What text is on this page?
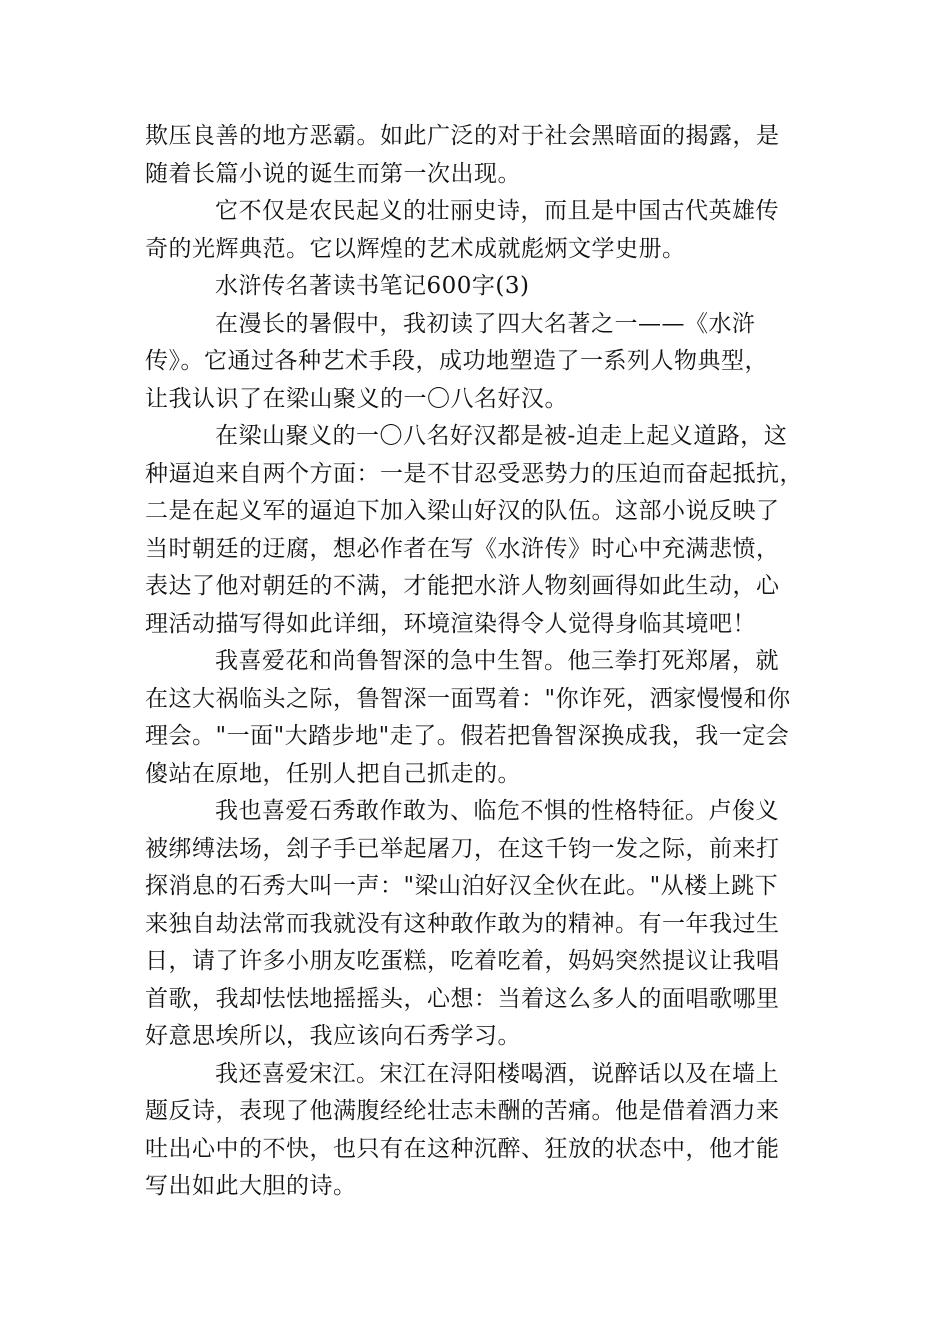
欺压良善的地方恶霸。如此广泛的对于社会黑暗面的揭露，是
随着长篇小说的诞生而第一次出现。
它不仅是农民起义的壮丽史诗，而且是中国古代英雄传
奇的光辉典范。它以辉煌的艺术成就彪炳文学史册。
水浒传名著读书笔记600字(3)
在漫长的暑假中，我初读了四大名著之一——《水浒
传》。它通过各种艺术手段，成功地塑造了一系列人物典型，
让我认识了在梁山聚义的一〇八名好汉。
在梁山聚义的一〇八名好汉都是被-迫走上起义道路，这
种逼迫来自两个方面：一是不甘忍受恶势力的压迫而奋起抵抗，
二是在起义军的逼迫下加入梁山好汉的队伍。这部小说反映了
当时朝廷的迂腐，想必作者在写《水浒传》时心中充满悲愤，
表达了他对朝廷的不满，才能把水浒人物刻画得如此生动，心
理活动描写得如此详细，环境渲染得令人觉得身临其境吧！
我喜爱花和尚鲁智深的急中生智。他三拳打死郑屠，就
在这大祸临头之际，鲁智深一面骂着："你诈死，洒家慢慢和你
理会。"一面"大踏步地"走了。假若把鲁智深换成我，我一定会
傻站在原地，任别人把自己抓走的。
我也喜爱石秀敢作敢为、临危不惧的性格特征。卢俊义
被绑缚法场，刽子手已举起屠刀，在这千钧一发之际，前来打
探消息的石秀大叫一声："梁山泊好汉全伙在此。"从楼上跳下
来独自劫法常而我就没有这种敢作敢为的精神。有一年我过生
日，请了许多小朋友吃蛋糕，吃着吃着，妈妈突然提议让我唱
首歌，我却怯怯地摇摇头，心想：当着这么多人的面唱歌哪里
好意思埃所以，我应该向石秀学习。
我还喜爱宋江。宋江在浔阳楼喝酒，说醉话以及在墙上
题反诗，表现了他满腹经纶壮志未酬的苦痛。他是借着酒力来
吐出心中的不快，也只有在这种沉醉、狂放的状态中，他才能
写出如此大胆的诗。
